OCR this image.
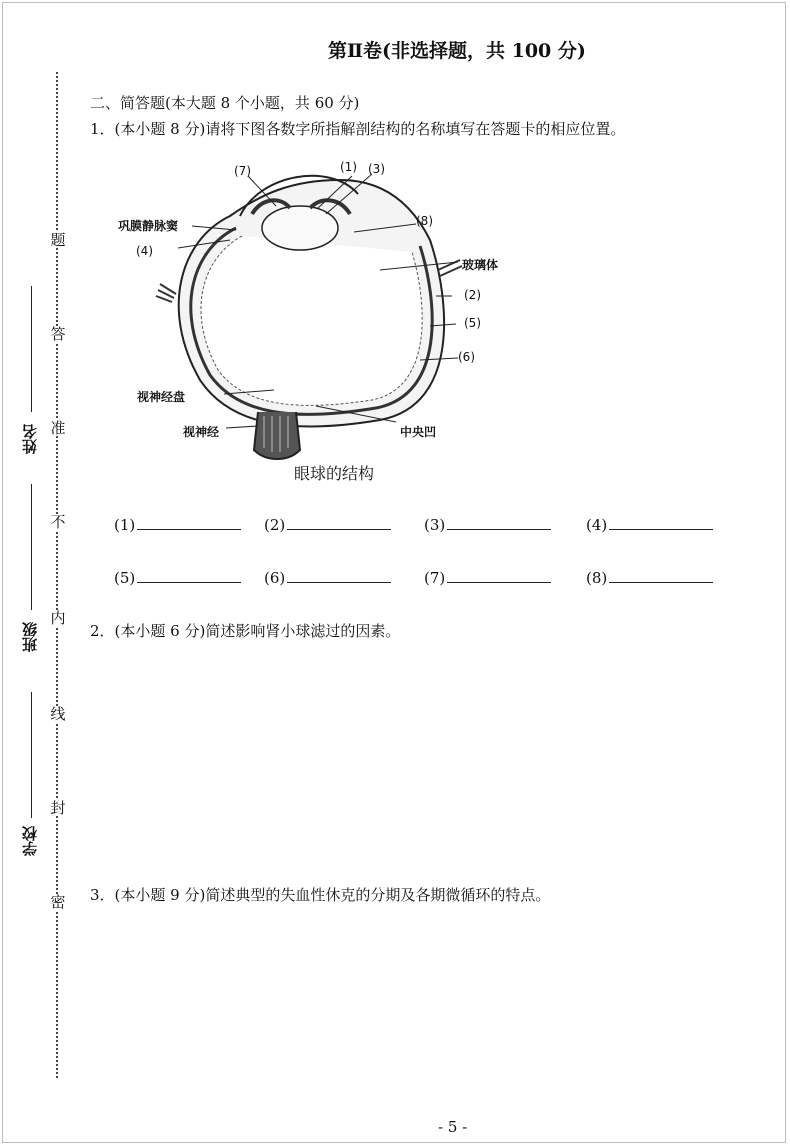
题
答
准
不
内
线
封
密
姓名
班级
学校
第Ⅱ卷(非选择题，共 100 分)
二、简答题(本大题 8 个小题，共 60 分)
1．(本小题 8 分)请将下图各数字所指解剖结构的名称填写在答题卡的相应位置。
(7)	(1) (3)
(8)
巩膜静脉窦
(4)
玻璃体
(2)
(5)
(6)
视神经盘
视神经	中央凹
眼球的结构
(1)	(2)	(3)	(4)
(5)	(6)	(7)	(8)
2．(本小题 6 分)简述影响肾小球滤过的因素。
3．(本小题 9 分)简述典型的失血性休克的分期及各期微循环的特点。
- 5 -
